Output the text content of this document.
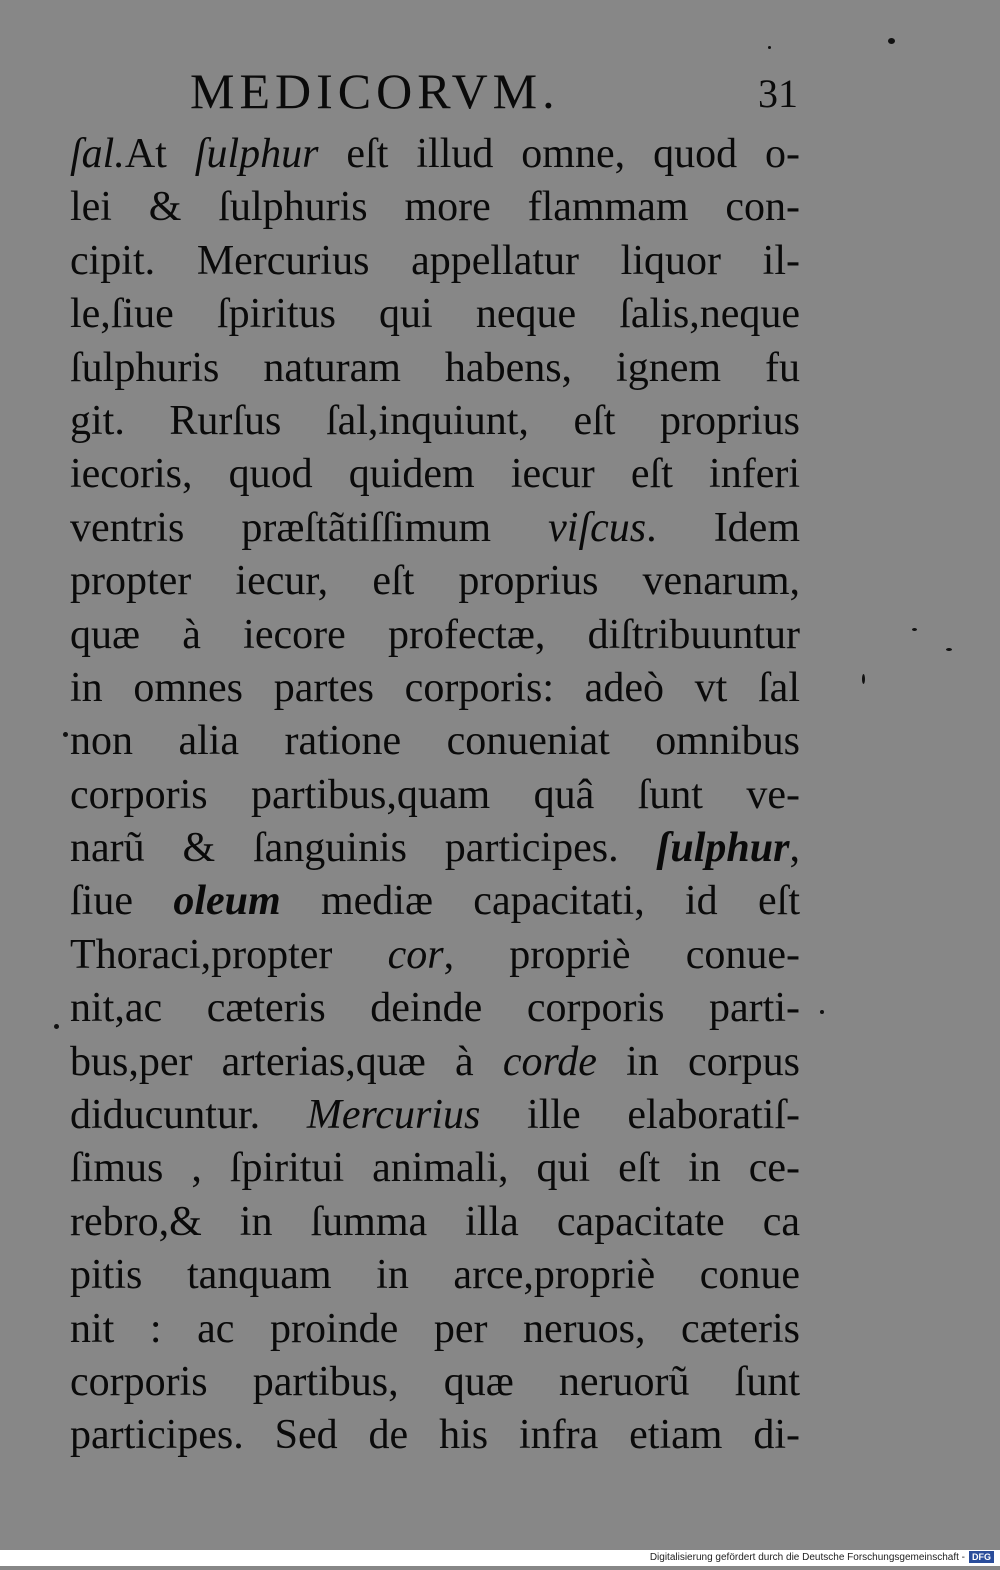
MEDICORVM.	31
ſal.At ſulphur eſt illud omne, quod o-
lei & ſulphuris more flammam con-
cipit. Mercurius appellatur liquor il-
le,ſiue ſpiritus qui neque ſalis,neque
ſulphuris naturam habens, ignem fu
git. Rurſus ſal,inquiunt, eſt proprius
iecoris, quod quidem iecur eſt inferi
ventris præſtãtiſſimum viſcus. Idem
propter iecur, eſt proprius venarum,
quæ à iecore profectæ, diſtribuuntur
in omnes partes corporis: adeò vt ſal
non alia ratione conueniat omnibus
corporis partibus,quam quâ ſunt ve-
narũ & ſanguinis participes. ſulphur,
ſiue oleum mediæ capacitati, id eſt
Thoraci,propter cor, propriè conue-
nit,ac cæteris deinde corporis parti-
bus,per arterias,quæ à corde in corpus
diducuntur. Mercurius ille elaboratiſ-
ſimus , ſpiritui animali, qui eſt in ce-
rebro,& in ſumma illa capacitate ca
pitis tanquam in arce,propriè conue
nit : ac proinde per neruos, cæteris
corporis partibus, quæ neruorũ ſunt
participes. Sed de his infra etiam di-
Digitalisierung gefördert durch die Deutsche Forschungsgemeinschaft - DFG
